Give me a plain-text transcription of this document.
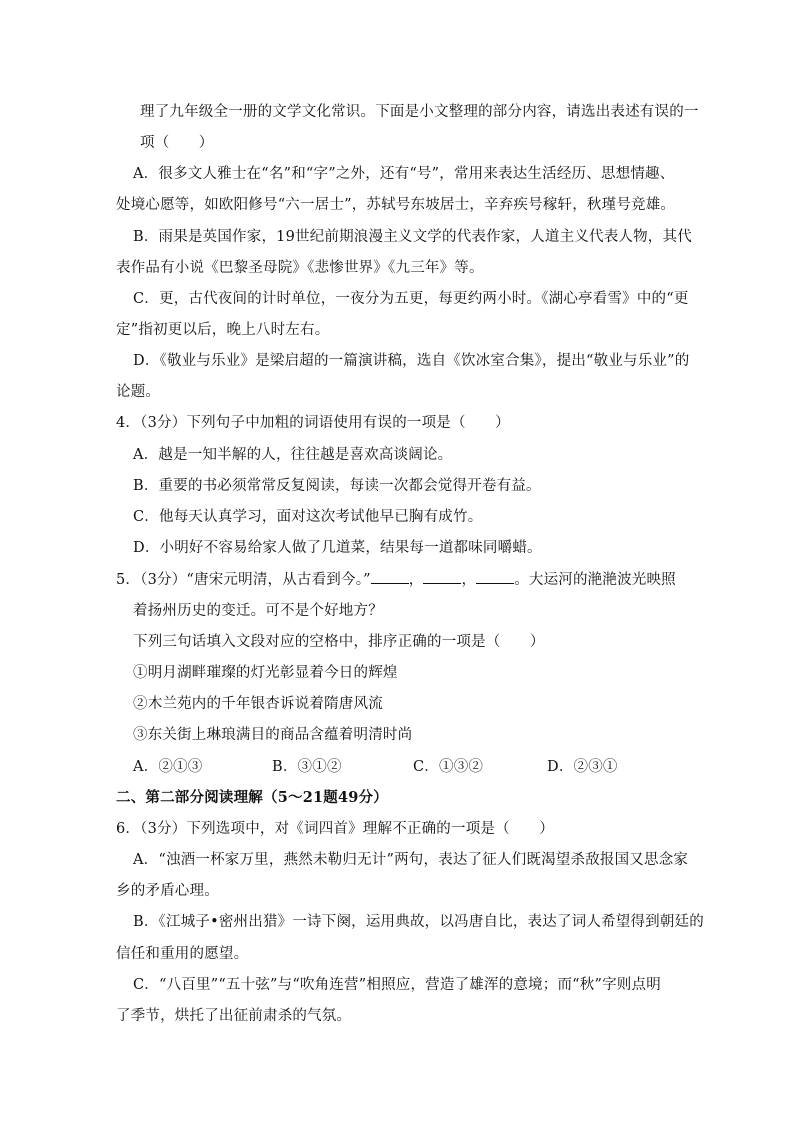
理了九年级全一册的文学文化常识。下面是小文整理的部分内容，请选出表述有误的一
项（　　）
A．很多文人雅士在“名”和“字”之外，还有“号”，常用来表达生活经历、思想情趣、
处境心愿等，如欧阳修号“六一居士”，苏轼号东坡居士，辛弃疾号稼轩，秋瑾号竞雄。
B．雨果是英国作家，19世纪前期浪漫主义文学的代表作家，人道主义代表人物，其代
表作品有小说《巴黎圣母院》《悲惨世界》《九三年》等。
C．更，古代夜间的计时单位，一夜分为五更，每更约两小时。《湖心亭看雪》中的“更
定”指初更以后，晚上八时左右。
D．《敬业与乐业》是梁启超的一篇演讲稿，选自《饮冰室合集》，提出“敬业与乐业”的
论题。
4．（3分）下列句子中加粗的词语使用有误的一项是（　　）
A．越是一知半解的人，往往越是喜欢高谈阔论。
B．重要的书必须常常反复阅读，每读一次都会觉得开卷有益。
C．他每天认真学习，面对这次考试他早已胸有成竹。
D．小明好不容易给家人做了几道菜，结果每一道都味同嚼蜡。
5．（3分）“唐宋元明清，从古看到今。”	，	，	。大运河的滟滟波光映照
着扬州历史的变迁。可不是个好地方？
下列三句话填入文段对应的空格中，排序正确的一项是（　　）
①明月湖畔璀璨的灯光彰显着今日的辉煌
②木兰苑内的千年银杏诉说着隋唐风流
③东关街上琳琅满目的商品含蕴着明清时尚
A．②①③	B．③①②	C．①③②	D．②③①
二、第二部分阅读理解（5～21题49分）
6．（3分）下列选项中，对《词四首》理解不正确的一项是（　　）
A．“浊酒一杯家万里，燕然未勒归无计”两句，表达了征人们既渴望杀敌报国又思念家
乡的矛盾心理。
B．《江城子•密州出猎》一诗下阕，运用典故，以冯唐自比，表达了词人希望得到朝廷的
信任和重用的愿望。
C．“八百里”“五十弦”与“吹角连营”相照应，营造了雄浑的意境；而“秋”字则点明
了季节，烘托了出征前肃杀的气氛。
